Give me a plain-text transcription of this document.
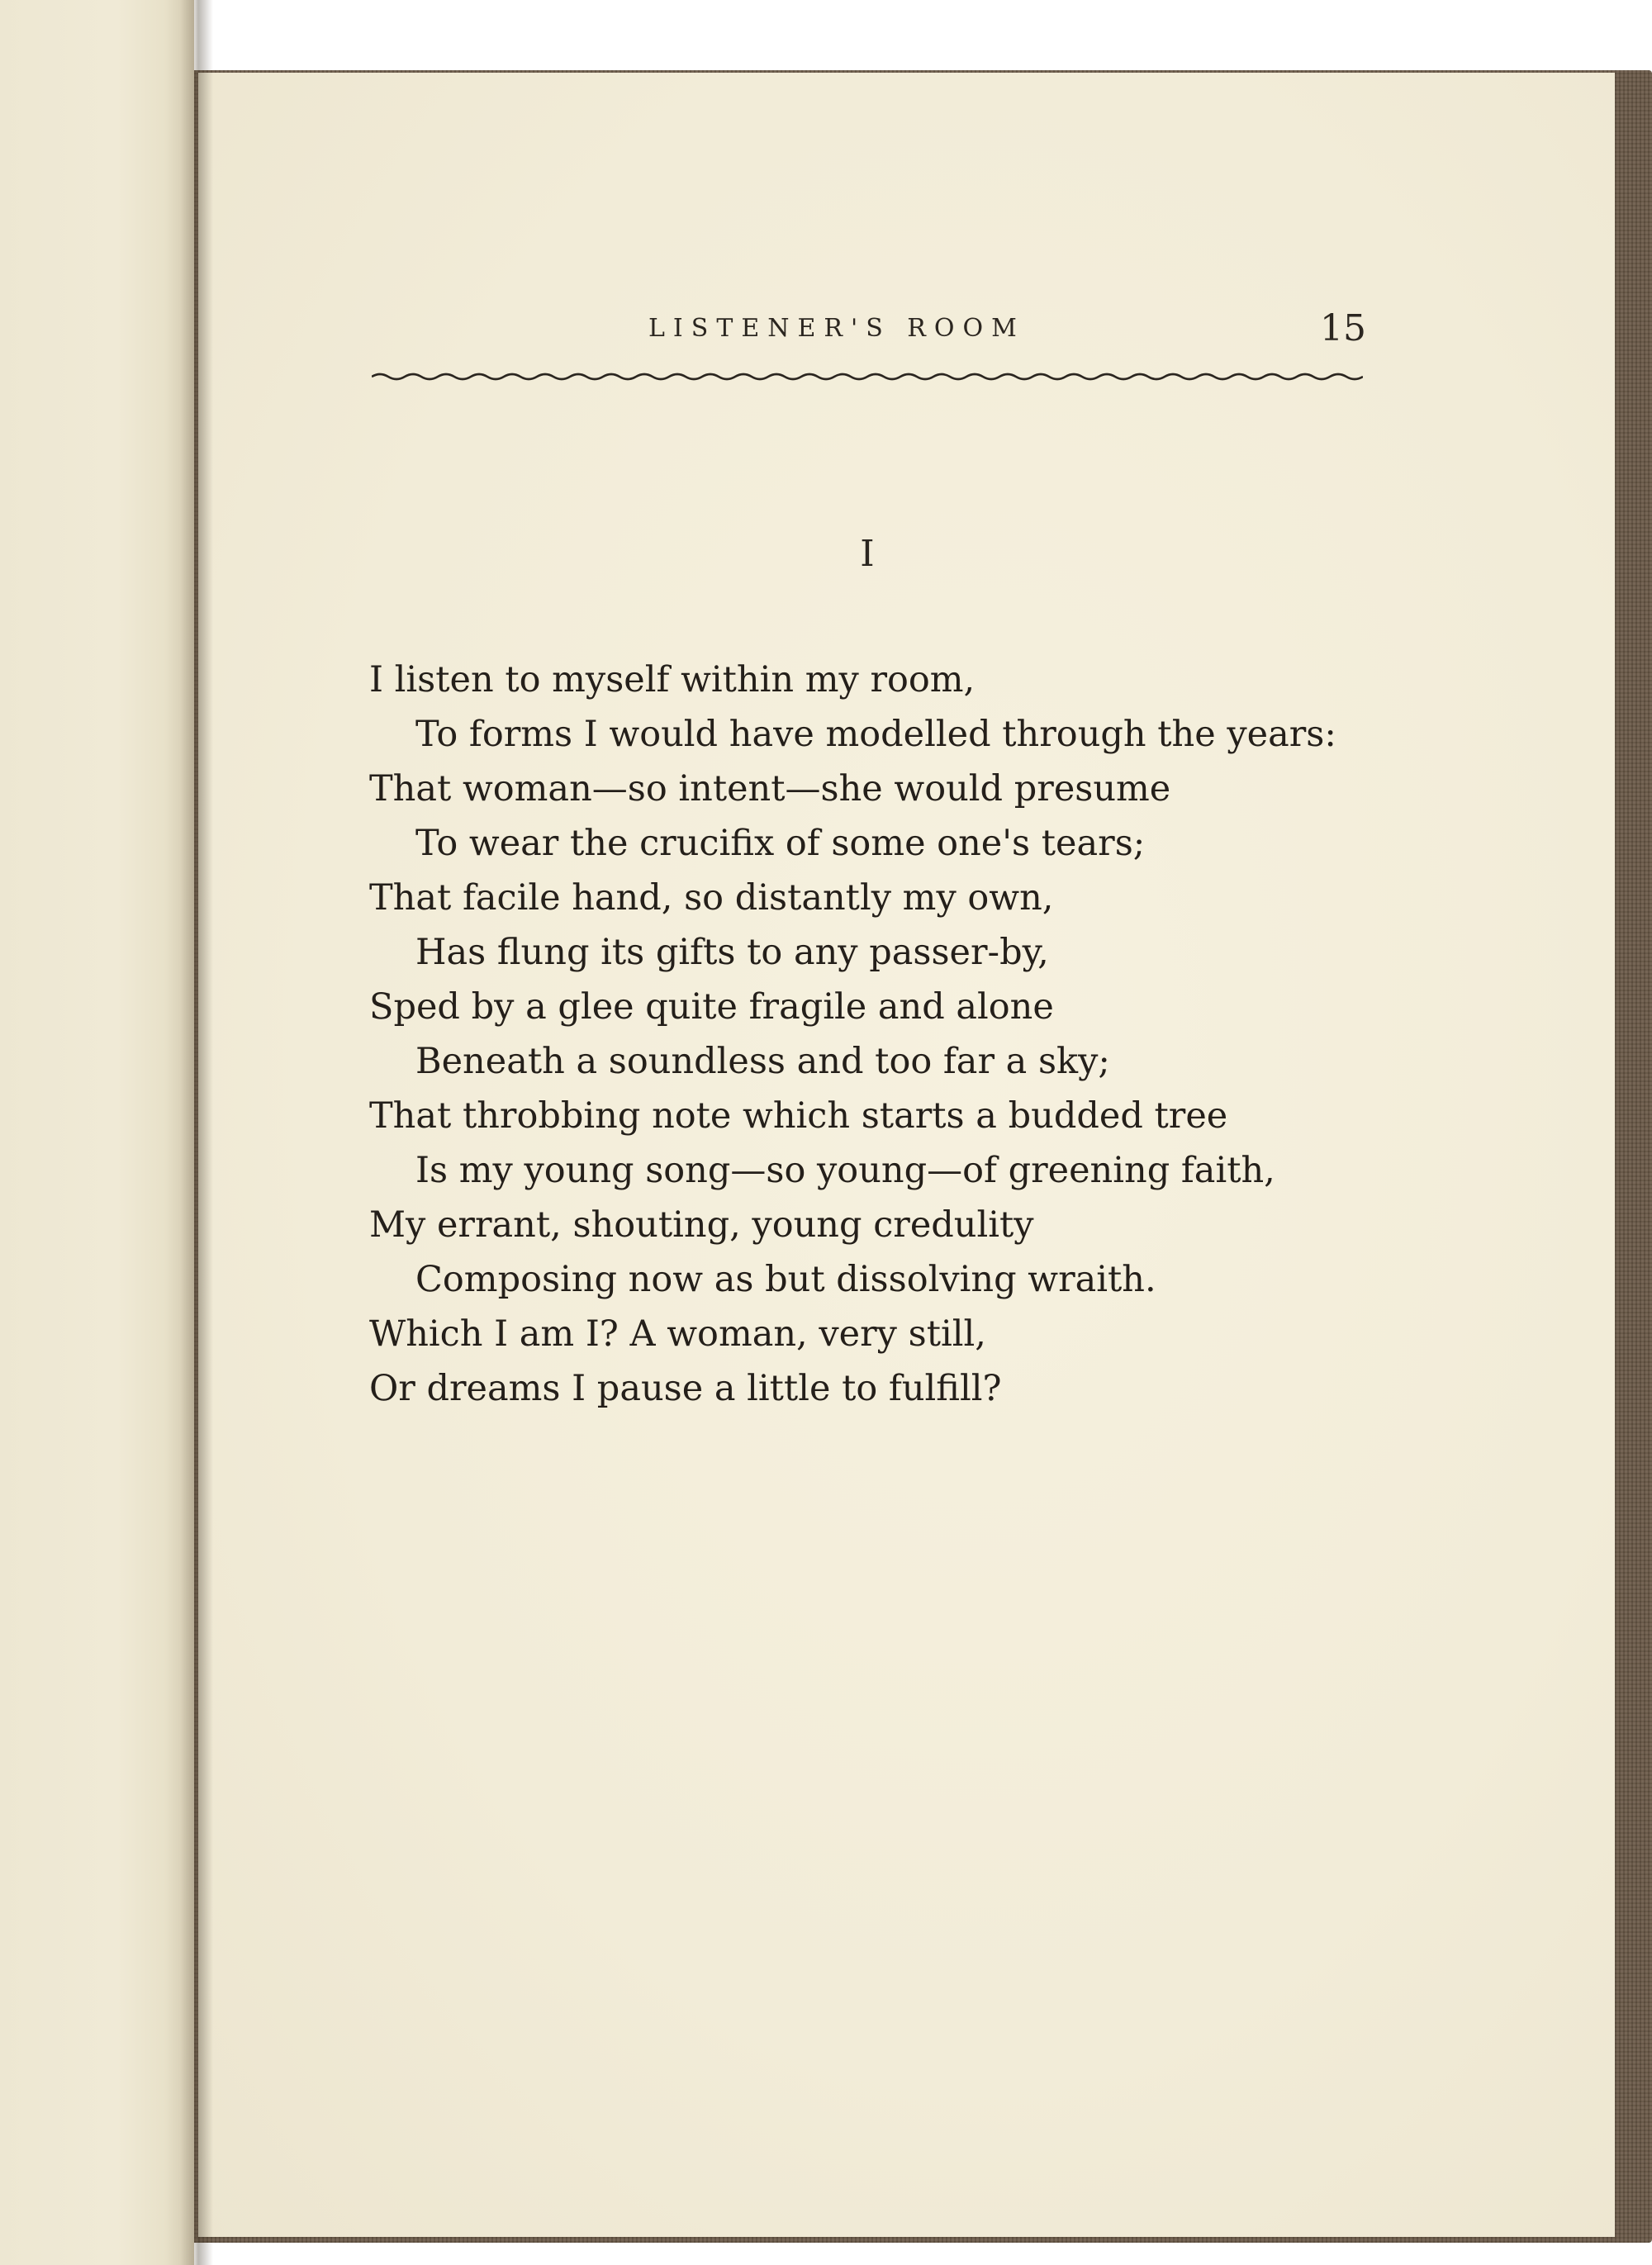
LISTENER'S ROOM	15
I
I listen to myself within my room,
To forms I would have modelled through the years:
That woman—so intent—she would presume
To wear the crucifix of some one's tears;
That facile hand, so distantly my own,
Has flung its gifts to any passer-by,
Sped by a glee quite fragile and alone
Beneath a soundless and too far a sky;
That throbbing note which starts a budded tree
Is my young song—so young—of greening faith,
My errant, shouting, young credulity
Composing now as but dissolving wraith.
Which I am I? A woman, very still,
Or dreams I pause a little to fulfill?
